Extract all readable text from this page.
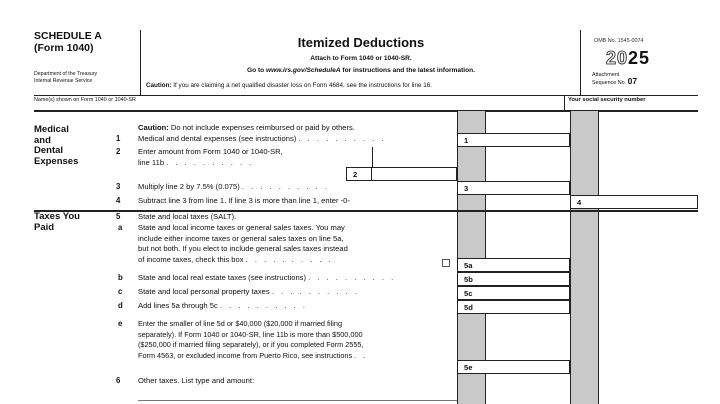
SCHEDULE A
(Form 1040)
Department of the Treasury
Internal Revenue Service
Itemized Deductions
Attach to Form 1040 or 1040-SR.
Go to www.irs.gov/ScheduleA for instructions and the latest information.
Caution: If you are claiming a net qualified disaster loss on Form 4684, see the instructions for line 16.
OMB No. 1545-0074
2025
Attachment
Sequence No. 07
Name(s) shown on Form 1040 or 1040-SR	Your social security number
Medical
and
Dental
Expenses
Caution: Do not include expenses reimbursed or paid by others.
1 Medical and dental expenses (see instructions) . . . . . . . . . .	1
2 Enter amount from Form 1040 or 1040-SR,
line 11b . . . . . . . . . .
2
3 Multiply line 2 by 7.5% (0.075) . . . . . . . . . .	3
4 Subtract line 3 from line 1. If line 3 is more than line 1, enter -0-	4
Taxes You
Paid
5 State and local taxes (SALT).
a State and local income taxes or general sales taxes. You may
include either income taxes or general sales taxes on line 5a,
but not both. If you elect to include general sales taxes instead
of income taxes, check this box . . . . . . . . . .
5a
b State and local real estate taxes (see instructions) . . . . . . . . . .	5b
c State and local personal property taxes . . . . . . . . . .	5c
d Add lines 5a through 5c . . . . . . . . . .	5d
e Enter the smaller of line 5d or $40,000 ($20,000 if married filing
separately). If Form 1040 or 1040-SR, line 11b is more than $500,000
($250,000 if married filing separately), or if you completed Form 2555,
Form 4563, or excluded income from Puerto Rico, see instructions . .
5e
6 Other taxes. List type and amount:
